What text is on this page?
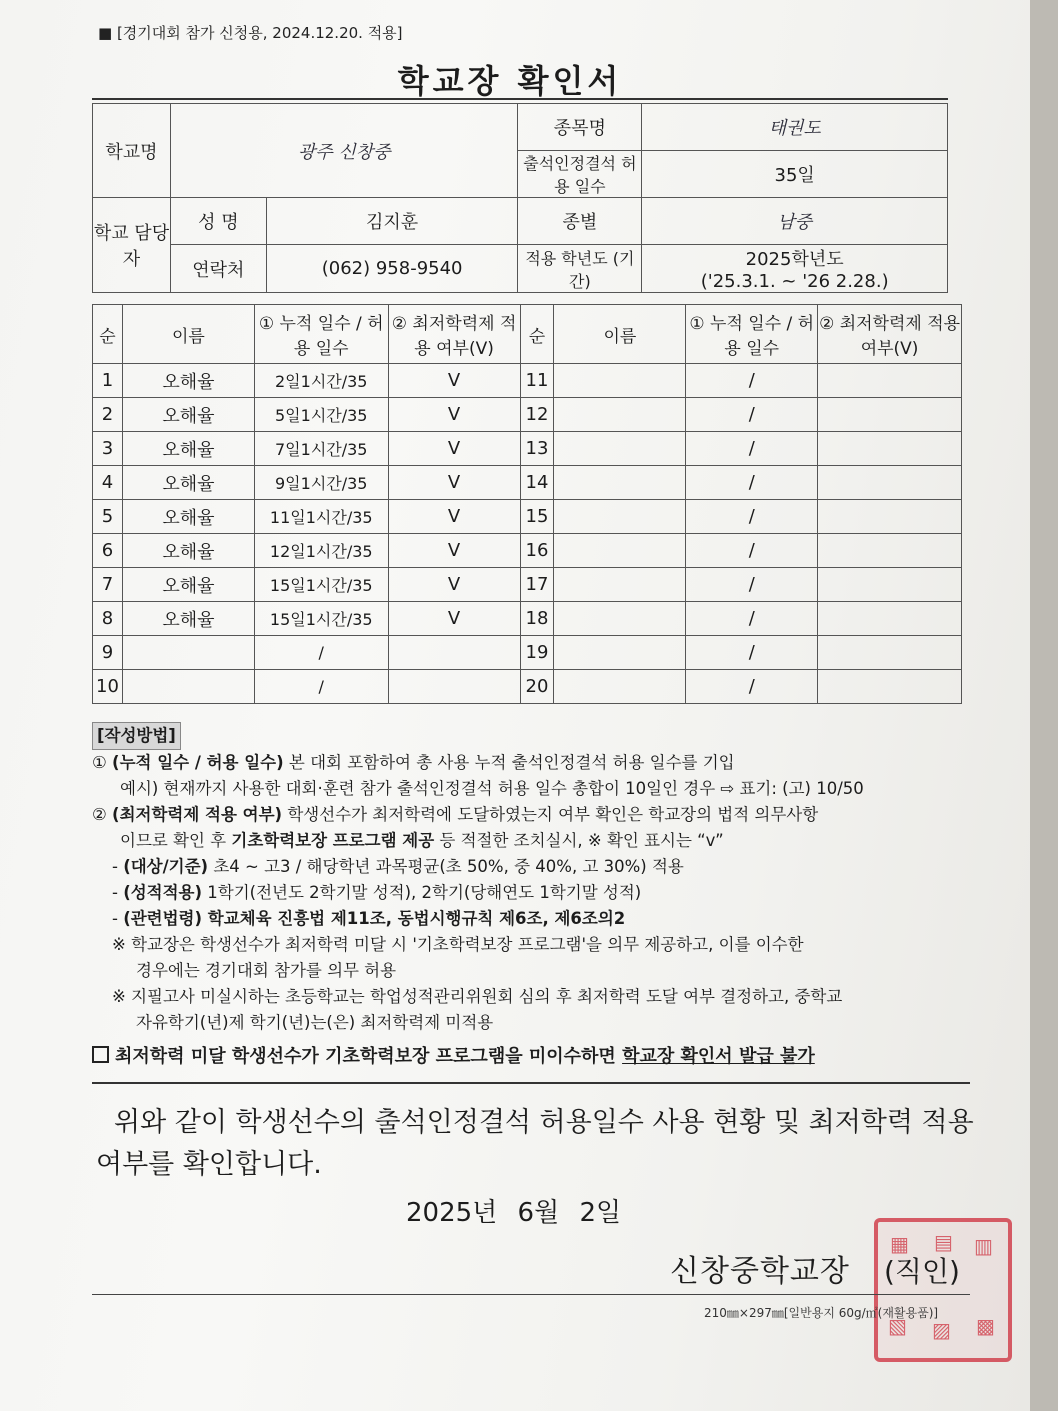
■ [경기대회 참가 신청용, 2024.12.20. 적용]
학교장 확인서
학교명	광주 신창중		종목명	태권도
			출석인정결석 허용 일수	35일
학교 담당자	성 명	김지훈	종별	남중
	연락처	(062) 958-9540	적용 학년도 (기간)	2025학년도
('25.3.1. ~ '26 2.28.)
순	이름	① 누적 일수 / 허용 일수	② 최저학력제 적용 여부(V)	순	이름	① 누적 일수 / 허용 일수	② 최저학력제 적용 여부(V)
1	오해율	2일1시간/35	V	11		/	
2	오해율	5일1시간/35	V	12		/	
3	오해율	7일1시간/35	V	13		/	
4	오해율	9일1시간/35	V	14		/	
5	오해율	11일1시간/35	V	15		/	
6	오해율	12일1시간/35	V	16		/	
7	오해율	15일1시간/35	V	17		/	
8	오해율	15일1시간/35	V	18		/	
9		/		19		/	
10		/		20		/	

[작성방법]

① (누적 일수 / 허용 일수) 본 대회 포함하여 총 사용 누적 출석인정결석 허용 일수를 기입

예시) 현재까지 사용한 대회·훈련 참가 출석인정결석 허용 일수 총합이 10일인 경우 ⇨ 표기: (고) 10/50

② (최저학력제 적용 여부) 학생선수가 최저학력에 도달하였는지 여부 확인은 학교장의 법적 의무사항

이므로 확인 후 기초학력보장 프로그램 제공 등 적절한 조치실시, ※ 확인 표시는 “v”

- (대상/기준) 초4 ~ 고3 / 해당학년 과목평균(초 50%, 중 40%, 고 30%) 적용

- (성적적용) 1학기(전년도 2학기말 성적), 2학기(당해연도 1학기말 성적)

- (관련법령) 학교체육 진흥법 제11조, 동법시행규칙 제6조, 제6조의2

※ 학교장은 학생선수가 최저학력 미달 시 '기초학력보장 프로그램'을 의무 제공하고, 이를 이수한

경우에는 경기대회 참가를 의무 허용

※ 지필고사 미실시하는 초등학교는 학업성적관리위원회 심의 후 최저학력 도달 여부 결정하고, 중학교

자유학기(년)제 학기(년)는(은) 최저학력제 미적용

최저학력 미달 학생선수가 기초학력보장 프로그램을 미이수하면 학교장 확인서 발급 불가

위와 같이 학생선수의 출석인정결석 허용일수 사용 현황 및 최저학력 적용 여부를 확인합니다.
2025년 6월 2일
신창중학교장
▦ ▤ ▥
▧ ▨ ▩
(직인)
210㎜×297㎜[일반용지 60g/㎡(재활용품)]
